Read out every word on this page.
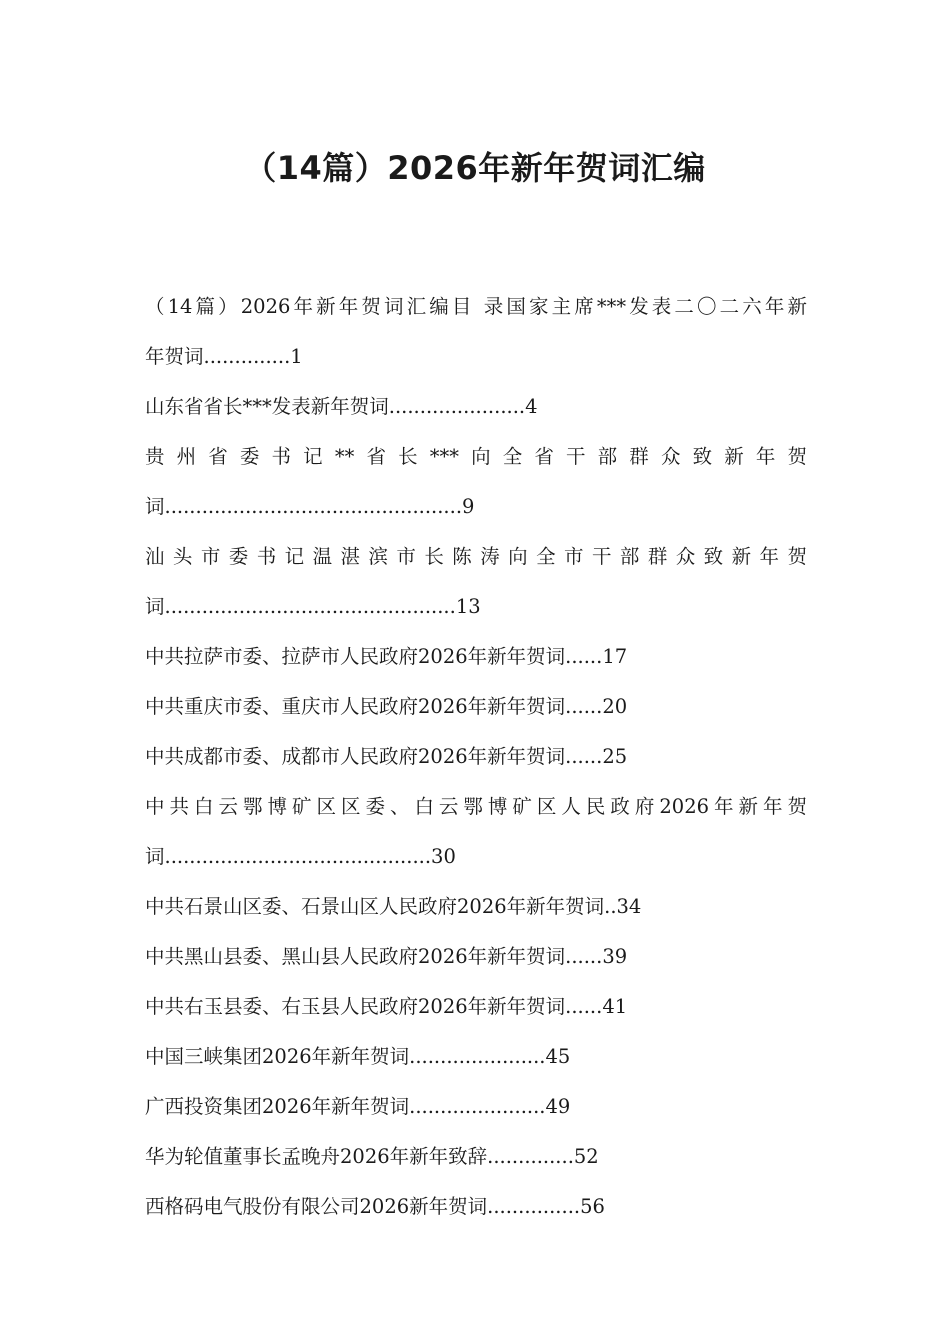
（14篇）2026年新年贺词汇编
（14篇）2026年新年贺词汇编目 录国家主席***发表二〇二六年新
年贺词..............1
山东省省长***发表新年贺词......................4
贵州省委书记**省长***向全省干部群众致新年贺
词................................................9
汕头市委书记温湛滨市长陈涛向全市干部群众致新年贺
词...............................................13
中共拉萨市委、拉萨市人民政府2026年新年贺词......17
中共重庆市委、重庆市人民政府2026年新年贺词......20
中共成都市委、成都市人民政府2026年新年贺词......25
中共白云鄂博矿区区委、白云鄂博矿区人民政府2026年新年贺
词...........................................30
中共石景山区委、石景山区人民政府2026年新年贺词..34
中共黑山县委、黑山县人民政府2026年新年贺词......39
中共右玉县委、右玉县人民政府2026年新年贺词......41
中国三峡集团2026年新年贺词......................45
广西投资集团2026年新年贺词......................49
华为轮值董事长孟晚舟2026年新年致辞..............52
西格码电气股份有限公司2026新年贺词...............56
